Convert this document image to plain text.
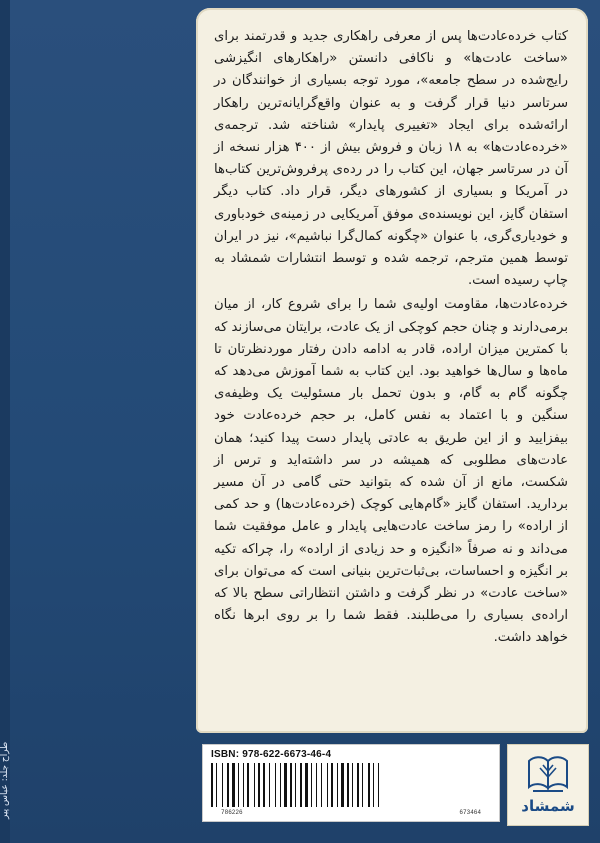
کتاب خرده‌عادت‌ها پس از معرفی راهکاری جدید و قدرتمند برای «ساخت عادت‌ها» و ناکافی دانستن «راهکارهای انگیزشی رایج‌شده در سطح جامعه»، مورد توجه بسیاری از خوانندگان در سرتاسر دنیا قرار گرفت و به عنوان واقع‌گرایانه‌ترین راهکار ارائه‌شده برای ایجاد «تغییری پایدار» شناخته شد. ترجمه‌ی «خرده‌عادت‌ها» به ۱۸ زبان و فروش بیش از ۴۰۰ هزار نسخه از آن در سرتاسر جهان، این کتاب را در رده‌ی پرفروش‌ترین کتاب‌ها در آمریکا و بسیاری از کشورهای دیگر، قرار داد. کتاب دیگر استفان گایز، این نویسنده‌ی موفق آمریکایی در زمینه‌ی خودباوری و خودیاری‌گری، با عنوان «چگونه کمال‌گرا نباشیم»، نیز در ایران توسط همین مترجم، ترجمه شده و توسط انتشارات شمشاد به چاپ رسیده است.

خرده‌عادت‌ها، مقاومت اولیه‌ی شما را برای شروع کار، از میان برمی‌دارند و چنان حجم کوچکی از یک عادت، برایتان می‌سازند که با کمترین میزان اراده، قادر به ادامه دادن رفتار موردنظرتان تا ماه‌ها و سال‌ها خواهید بود. این کتاب به شما آموزش می‌دهد که چگونه گام به گام، و بدون تحمل بار مسئولیت یک وظیفه‌ی سنگین و با اعتماد به نفس کامل، بر حجم خرده‌عادت خود بیفزایید و از این طریق به عادتی پایدار دست پیدا کنید؛ همان عادت‌های مطلوبی که همیشه در سر داشته‌اید و ترس از شکست، مانع از آن شده که بتوانید حتی گامی در آن مسیر بردارید. استفان گایز «گام‌هایی کوچک (خرده‌عادت‌ها) و حد کمی از اراده» را رمز ساخت عادت‌هایی پایدار و عامل موفقیت شما می‌داند و نه صرفاً «انگیزه و حد زیادی از اراده» را، چراکه تکیه بر انگیزه و احساسات، بی‌ثبات‌ترین بنیانی است که می‌توان برای «ساخت عادت» در نظر گرفت و داشتن انتظاراتی سطح بالا که اراده‌ی بسیاری را می‌طلبند. فقط شما را بر روی ابرها نگاه خواهد داشت.

طراح جلد: عباس پیر	ISBN: 978-622-6673-46-4
786226	673464	شمشاد
